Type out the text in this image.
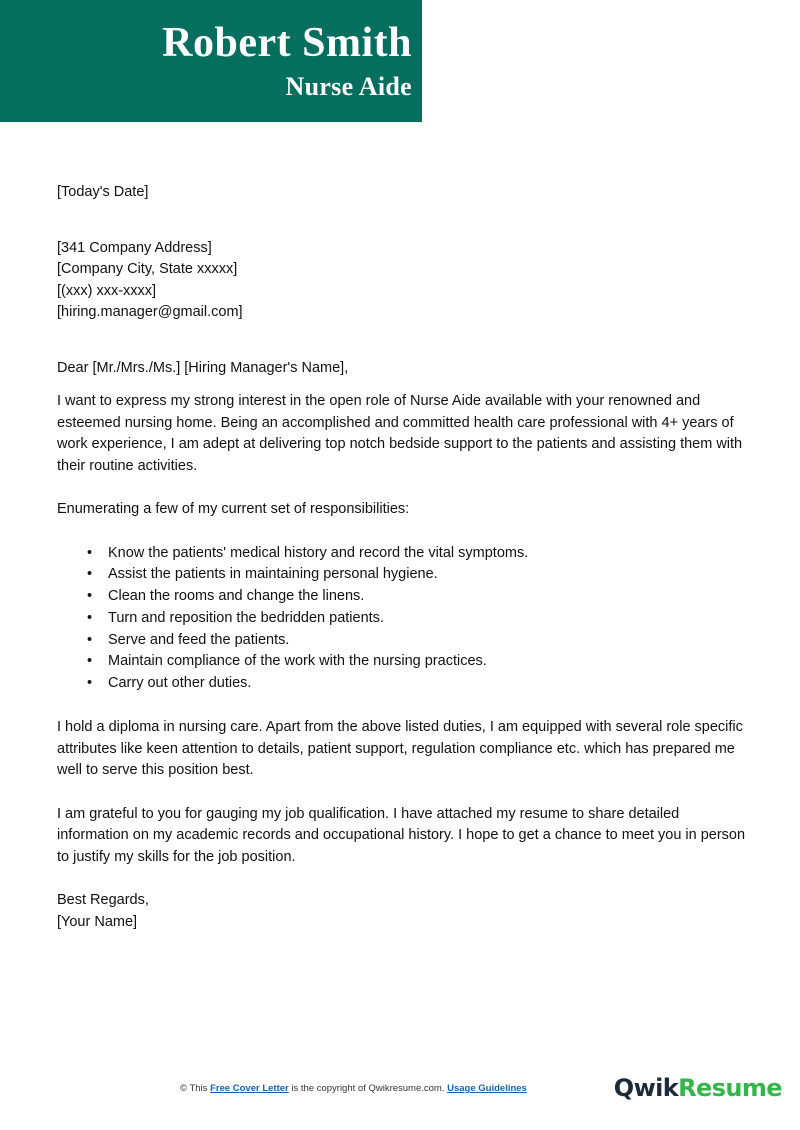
Robert Smith
Nurse Aide
[Today's Date]
[341 Company Address]
[Company City, State xxxxx]
[(xxx) xxx-xxxx]
[hiring.manager@gmail.com]
Dear [Mr./Mrs./Ms.] [Hiring Manager's Name],

I want to express my strong interest in the open role of Nurse Aide available with your renowned and esteemed nursing home. Being an accomplished and committed health care professional with 4+ years of work experience, I am adept at delivering top notch bedside support to the patients and assisting them with their routine activities.

Enumerating a few of my current set of responsibilities:
• Know the patients' medical history and record the vital symptoms.
• Assist the patients in maintaining personal hygiene.
• Clean the rooms and change the linens.
• Turn and reposition the bedridden patients.
• Serve and feed the patients.
• Maintain compliance of the work with the nursing practices.
• Carry out other duties.

I hold a diploma in nursing care. Apart from the above listed duties, I am equipped with several role specific attributes like keen attention to details, patient support, regulation compliance etc. which has prepared me well to serve this position best.

I am grateful to you for gauging my job qualification. I have attached my resume to share detailed information on my academic records and occupational history. I hope to get a chance to meet you in person to justify my skills for the job position.

Best Regards,
[Your Name]
© This Free Cover Letter is the copyright of Qwikresume.com. Usage Guidelines	QwikResume
